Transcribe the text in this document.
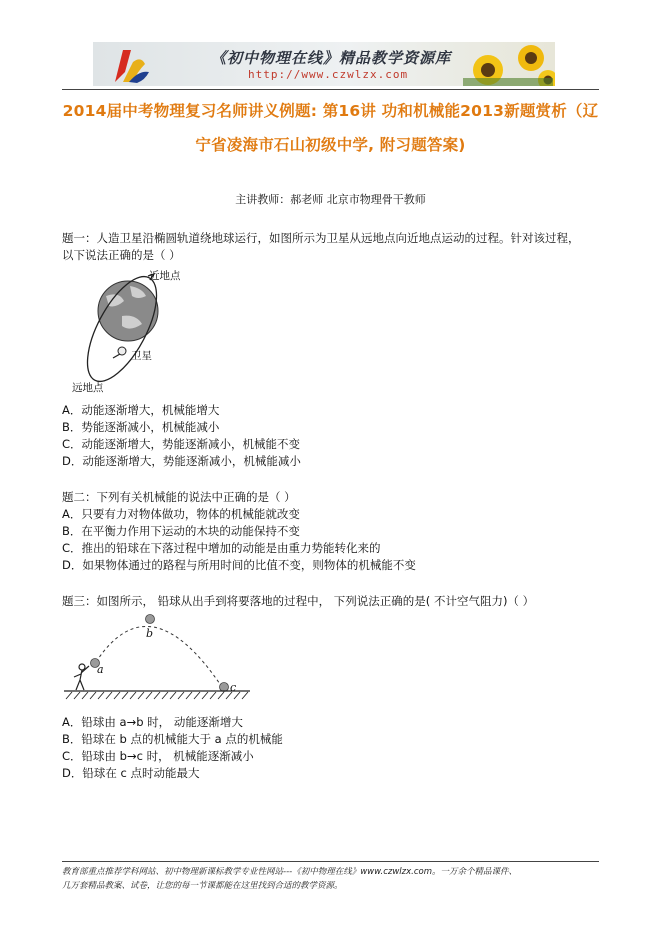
《初中物理在线》精品教学资源库
http://www.czwlzx.com
2014届中考物理复习名师讲义例题: 第16讲 功和机械能2013新题赏析（辽
宁省凌海市石山初级中学, 附习题答案)
主讲教师：郝老师 北京市物理骨干教师
题一：人造卫星沿椭圆轨道绕地球运行，如图所示为卫星从远地点向近地点运动的过程。针对该过程，
以下说法正确的是（ ）
近地点
卫星
远地点
A．动能逐渐增大，机械能增大
B．势能逐渐减小，机械能减小
C．动能逐渐增大，势能逐渐减小，机械能不变
D．动能逐渐增大，势能逐渐减小，机械能减小
题二：下列有关机械能的说法中正确的是（ ）
A．只要有力对物体做功，物体的机械能就改变
B．在平衡力作用下运动的木块的动能保持不变
C．推出的铅球在下落过程中增加的动能是由重力势能转化来的
D．如果物体通过的路程与所用时间的比值不变，则物体的机械能不变
题三：如图所示， 铅球从出手到将要落地的过程中， 下列说法正确的是( 不计空气阻力)（ ）
a
b
c
A．铅球由 a→b 时， 动能逐渐增大
B．铅球在 b 点的机械能大于 a 点的机械能
C．铅球由 b→c 时， 机械能逐渐减小
D．铅球在 c 点时动能最大
教育部重点推荐学科网站、初中物理新课标教学专业性网站---《初中物理在线》www.czwlzx.com。一万余个精品课件、
几万套精品教案、试卷，让您的每一节课都能在这里找到合适的教学资源。
